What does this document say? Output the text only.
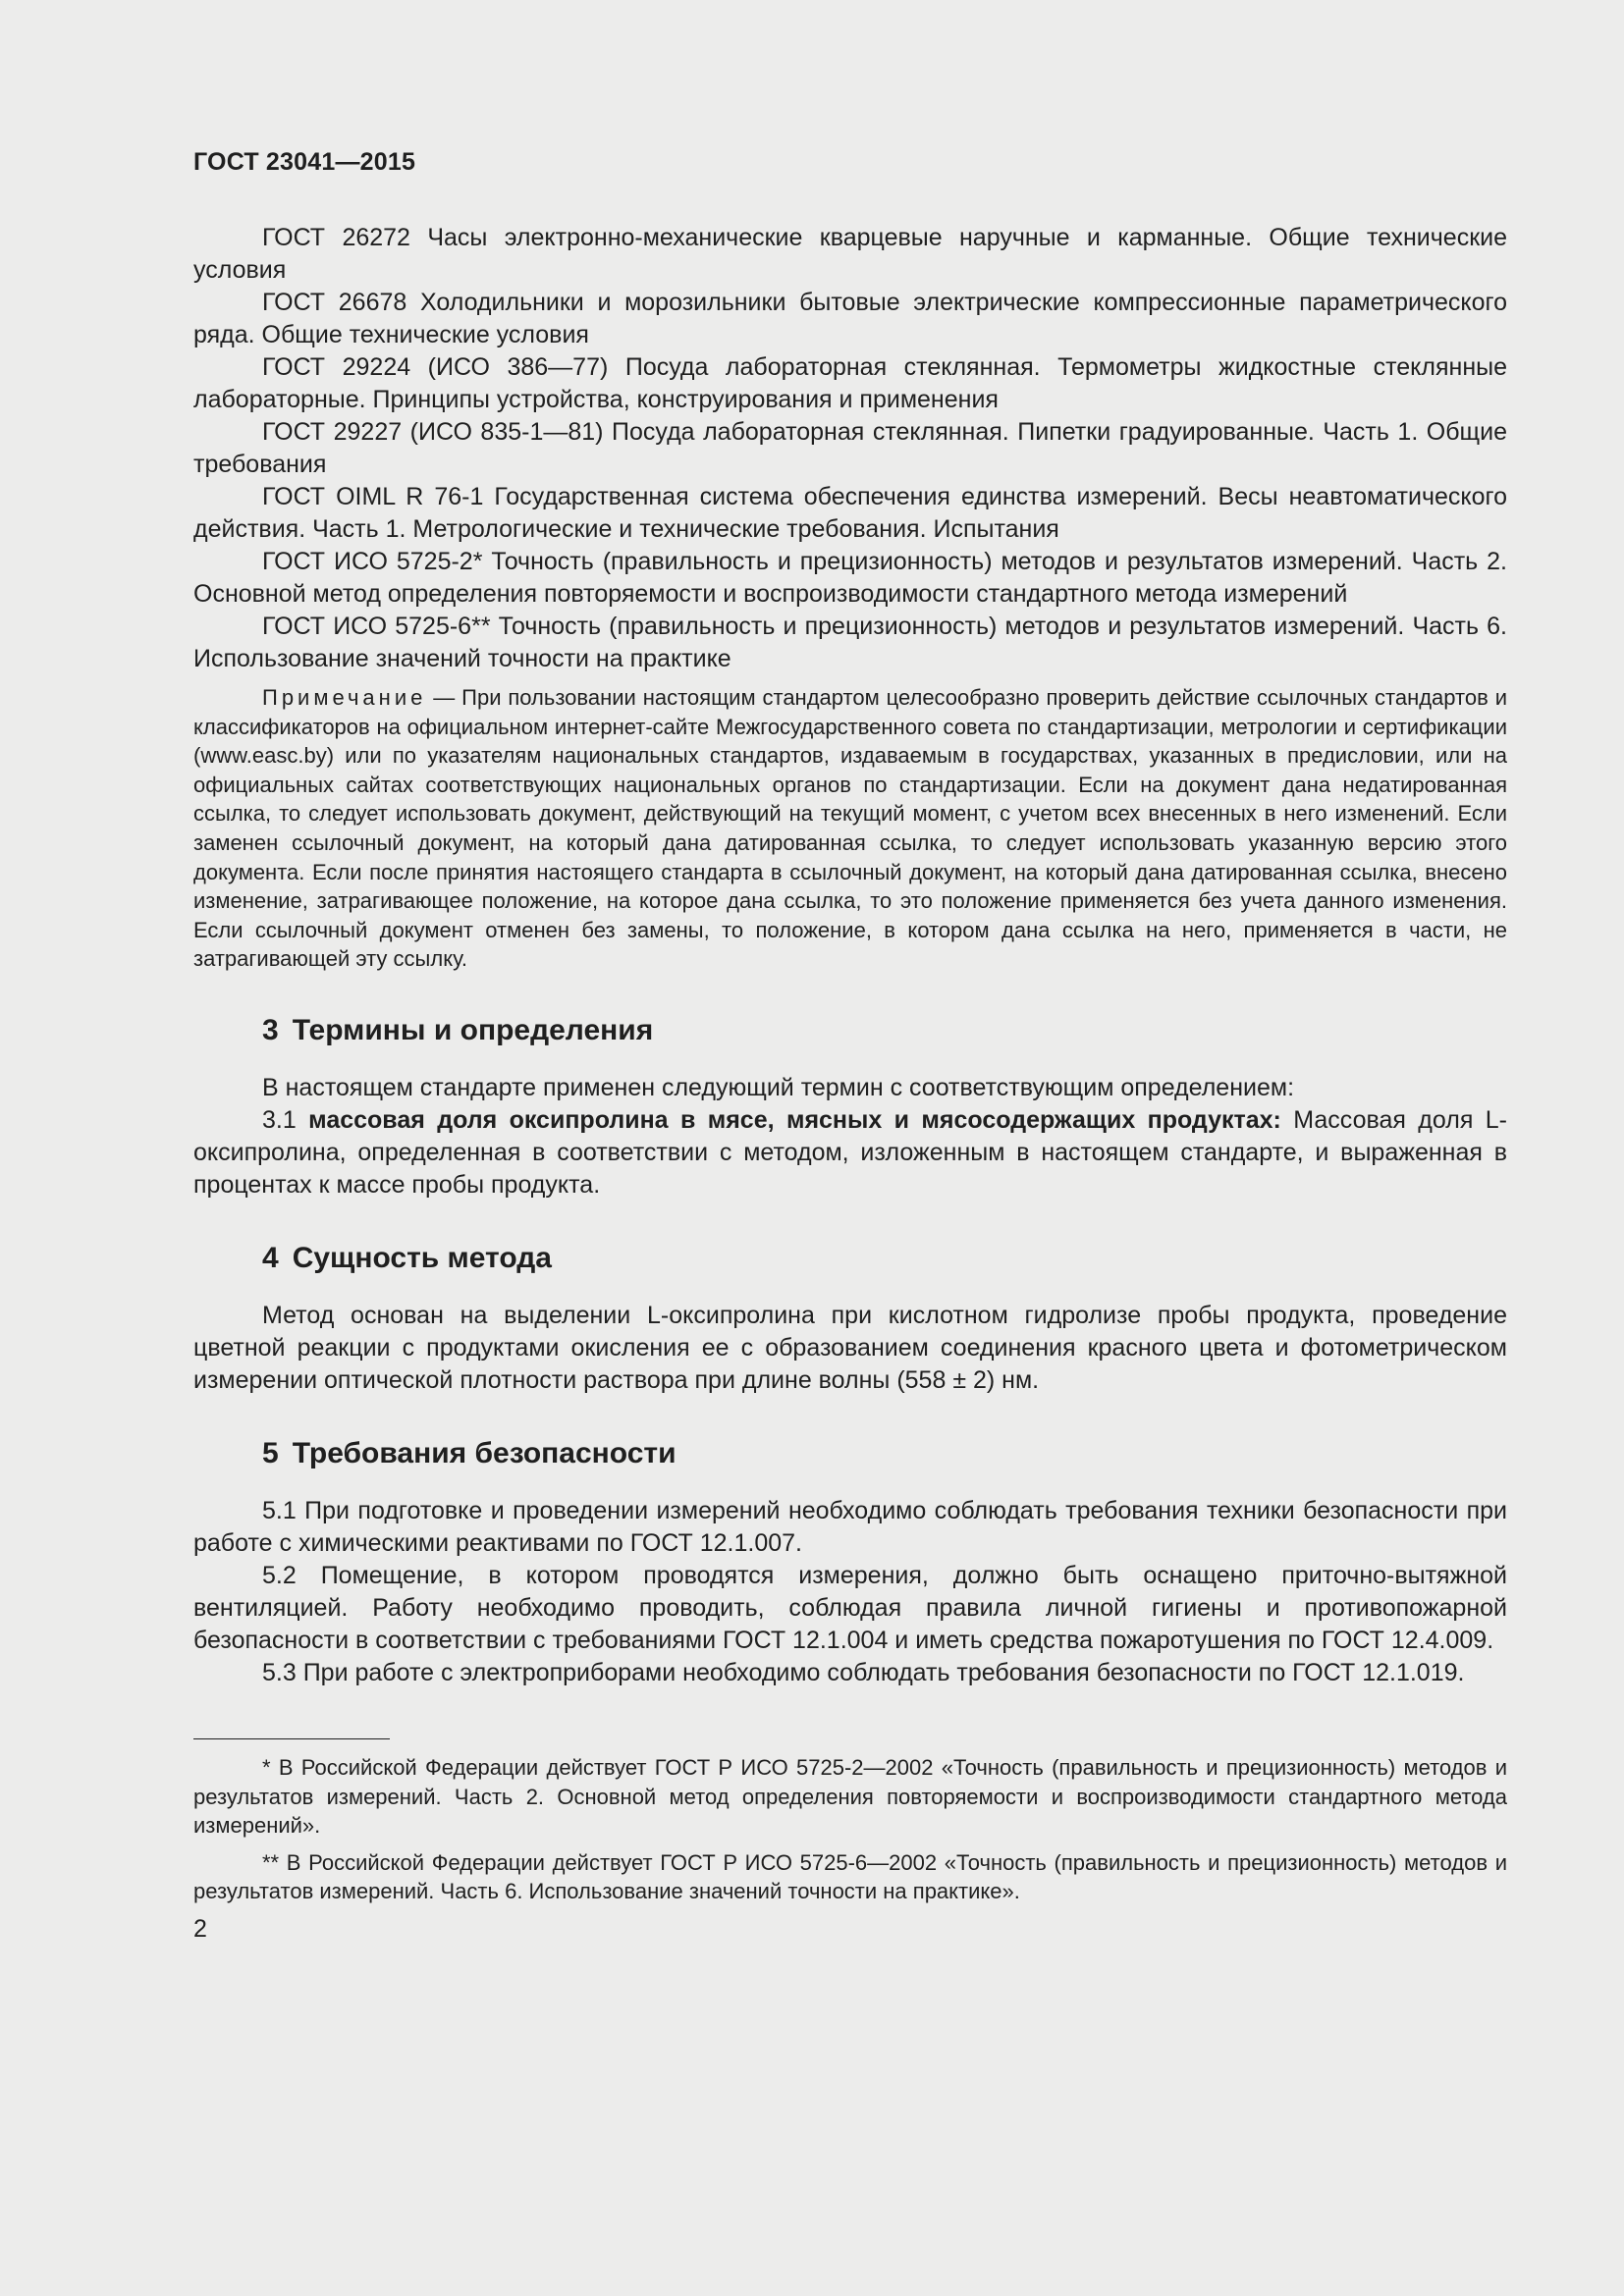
ГОСТ 23041—2015

ГОСТ 26272 Часы электронно-механические кварцевые наручные и карманные. Общие технические условия

ГОСТ 26678 Холодильники и морозильники бытовые электрические компрессионные параметрического ряда. Общие технические условия

ГОСТ 29224 (ИСО 386—77) Посуда лабораторная стеклянная. Термометры жидкостные стеклянные лабораторные. Принципы устройства, конструирования и применения

ГОСТ 29227 (ИСО 835-1—81) Посуда лабораторная стеклянная. Пипетки градуированные. Часть 1. Общие требования

ГОСТ OIML R 76-1 Государственная система обеспечения единства измерений. Весы неавтоматического действия. Часть 1. Метрологические и технические требования. Испытания

ГОСТ ИСО 5725-2* Точность (правильность и прецизионность) методов и результатов измерений. Часть 2. Основной метод определения повторяемости и воспроизводимости стандартного метода измерений

ГОСТ ИСО 5725-6** Точность (правильность и прецизионность) методов и результатов измерений. Часть 6. Использование значений точности на практике

Примечание — При пользовании настоящим стандартом целесообразно проверить действие ссылочных стандартов и классификаторов на официальном интернет-сайте Межгосударственного совета по стандартизации, метрологии и сертификации (www.easc.by) или по указателям национальных стандартов, издаваемым в государствах, указанных в предисловии, или на официальных сайтах соответствующих национальных органов по стандартизации. Если на документ дана недатированная ссылка, то следует использовать документ, действующий на текущий момент, с учетом всех внесенных в него изменений. Если заменен ссылочный документ, на который дана датированная ссылка, то следует использовать указанную версию этого документа. Если после принятия настоящего стандарта в ссылочный документ, на который дана датированная ссылка, внесено изменение, затрагивающее положение, на которое дана ссылка, то это положение применяется без учета данного изменения. Если ссылочный документ отменен без замены, то положение, в котором дана ссылка на него, применяется в части, не затрагивающей эту ссылку.

3 Термины и определения

В настоящем стандарте применен следующий термин с соответствующим определением:

3.1 массовая доля оксипролина в мясе, мясных и мясосодержащих продуктах: Массовая доля L-оксипролина, определенная в соответствии с методом, изложенным в настоящем стандарте, и выраженная в процентах к массе пробы продукта.

4 Сущность метода

Метод основан на выделении L-оксипролина при кислотном гидролизе пробы продукта, проведение цветной реакции с продуктами окисления ее с образованием соединения красного цвета и фотометрическом измерении оптической плотности раствора при длине волны (558 ± 2) нм.

5 Требования безопасности

5.1 При подготовке и проведении измерений необходимо соблюдать требования техники безопасности при работе с химическими реактивами по ГОСТ 12.1.007.

5.2 Помещение, в котором проводятся измерения, должно быть оснащено приточно-вытяжной вентиляцией. Работу необходимо проводить, соблюдая правила личной гигиены и противопожарной безопасности в соответствии с требованиями ГОСТ 12.1.004 и иметь средства пожаротушения по ГОСТ 12.4.009.

5.3 При работе с электроприборами необходимо соблюдать требования безопасности по ГОСТ 12.1.019.

* В Российской Федерации действует ГОСТ Р ИСО 5725-2—2002 «Точность (правильность и прецизионность) методов и результатов измерений. Часть 2. Основной метод определения повторяемости и воспроизводимости стандартного метода измерений».

** В Российской Федерации действует ГОСТ Р ИСО 5725-6—2002 «Точность (правильность и прецизионность) методов и результатов измерений. Часть 6. Использование значений точности на практике».

2
